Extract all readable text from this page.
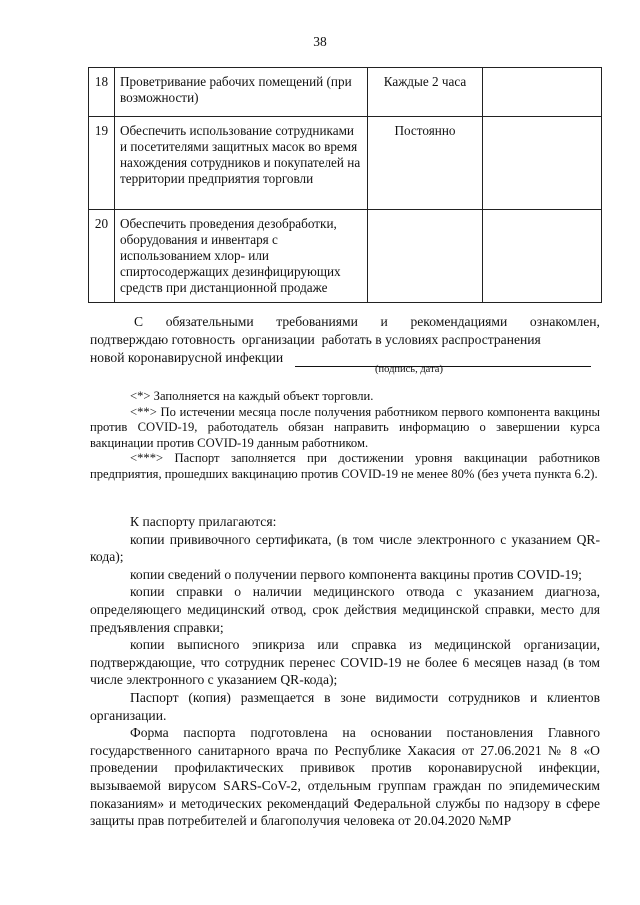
38
18	Проветривание рабочих помещений (при возможности)	Каждые 2 часа	
19	Обеспечить использование сотрудниками и посетителями защитных масок во время нахождения сотрудников и покупателей на территории предприятия торговли	Постоянно	
20	Обеспечить проведения дезобработки, оборудования и инвентаря с использованием хлор- или спиртосодержащих дезинфицирующих средств при дистанционной продаже		
С обязательными требованиями и рекомендациями ознакомлен,
подтверждаю готовность  организации  работать в условиях распространения
новой коронавирусной инфекции
(подпись, дата)

<*> Заполняется на каждый объект торговли.

<**> По истечении месяца после получения работником первого компонента вакцины против COVID-19, работодатель обязан направить информацию о завершении курса вакцинации против COVID-19 данным работником.

<***> Паспорт заполняется при достижении уровня вакцинации работников предприятия, прошедших вакцинацию против COVID-19 не менее 80% (без учета пункта 6.2).

К паспорту прилагаются:

копии прививочного сертификата, (в том числе электронного с указанием QR-кода);

копии сведений о получении первого компонента вакцины против COVID-19;

копии справки о наличии медицинского отвода с указанием диагноза, определяющего медицинский отвод, срок действия медицинской справки, место для предъявления справки;

копии выписного эпикриза или справка из медицинской организации, подтверждающие, что сотрудник перенес COVID-19 не более 6 месяцев назад (в том числе электронного с указанием QR-кода);

Паспорт (копия) размещается в зоне видимости сотрудников и клиентов организации.

Форма паспорта подготовлена на основании постановления Главного государственного санитарного врача по Республике Хакасия от 27.06.2021 № 8 «О проведении профилактических прививок против коронавирусной инфекции, вызываемой вирусом SARS-CoV-2, отдельным группам граждан по эпидемическим показаниям» и методических рекомендаций Федеральной службы по надзору в сфере защиты прав потребителей и благополучия человека от 20.04.2020 №МР
